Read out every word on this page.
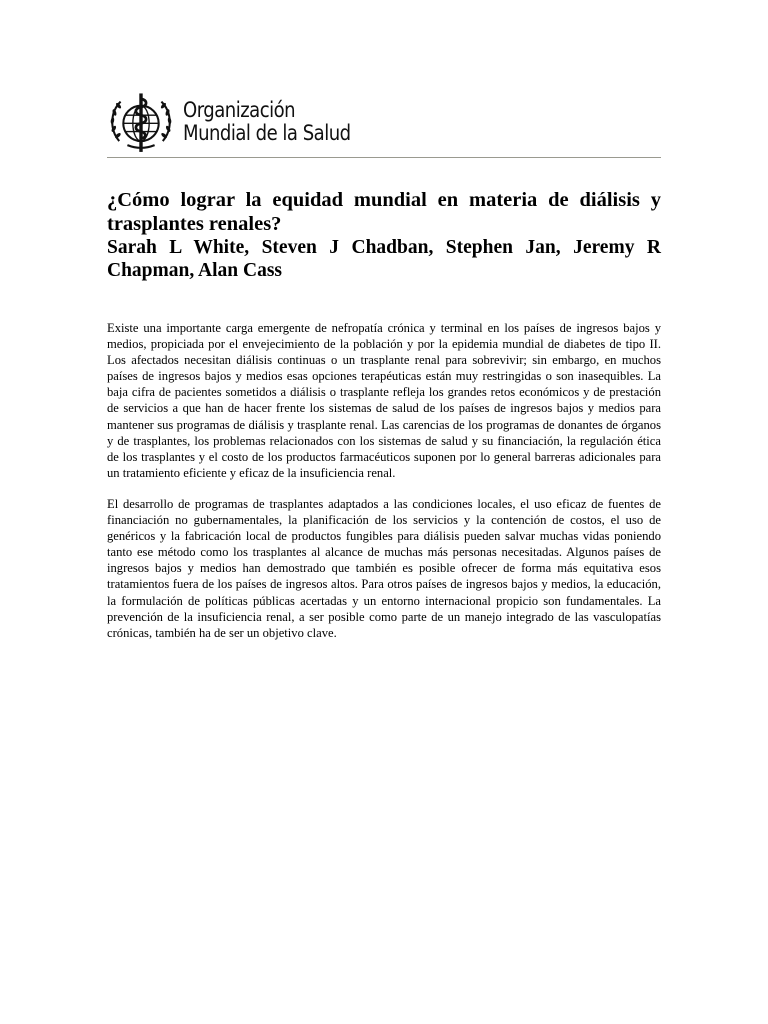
Organización
Mundial de la Salud
¿Cómo lograr la equidad mundial en materia de diálisis y trasplantes renales?
Sarah L White, Steven J Chadban, Stephen Jan, Jeremy R Chapman, Alan Cass

Existe una importante carga emergente de nefropatía crónica y terminal en los países de ingresos bajos y medios, propiciada por el envejecimiento de la población y por la epidemia mundial de diabetes de tipo II. Los afectados necesitan diálisis continuas o un trasplante renal para sobrevivir; sin embargo, en muchos países de ingresos bajos y medios esas opciones terapéuticas están muy restringidas o son inasequibles. La baja cifra de pacientes sometidos a diálisis o trasplante refleja los grandes retos económicos y de prestación de servicios a que han de hacer frente los sistemas de salud de los países de ingresos bajos y medios para mantener sus programas de diálisis y trasplante renal. Las carencias de los programas de donantes de órganos y de trasplantes, los problemas relacionados con los sistemas de salud y su financiación, la regulación ética de los trasplantes y el costo de los productos farmacéuticos suponen por lo general barreras adicionales para un tratamiento eficiente y eficaz de la insuficiencia renal.

El desarrollo de programas de trasplantes adaptados a las condiciones locales, el uso eficaz de fuentes de financiación no gubernamentales, la planificación de los servicios y la contención de costos, el uso de genéricos y la fabricación local de productos fungibles para diálisis pueden salvar muchas vidas poniendo tanto ese método como los trasplantes al alcance de muchas más personas necesitadas. Algunos países de ingresos bajos y medios han demostrado que también es posible ofrecer de forma más equitativa esos tratamientos fuera de los países de ingresos altos. Para otros países de ingresos bajos y medios, la educación, la formulación de políticas públicas acertadas y un entorno internacional propicio son fundamentales. La prevención de la insuficiencia renal, a ser posible como parte de un manejo integrado de las vasculopatías crónicas, también ha de ser un objetivo clave.
